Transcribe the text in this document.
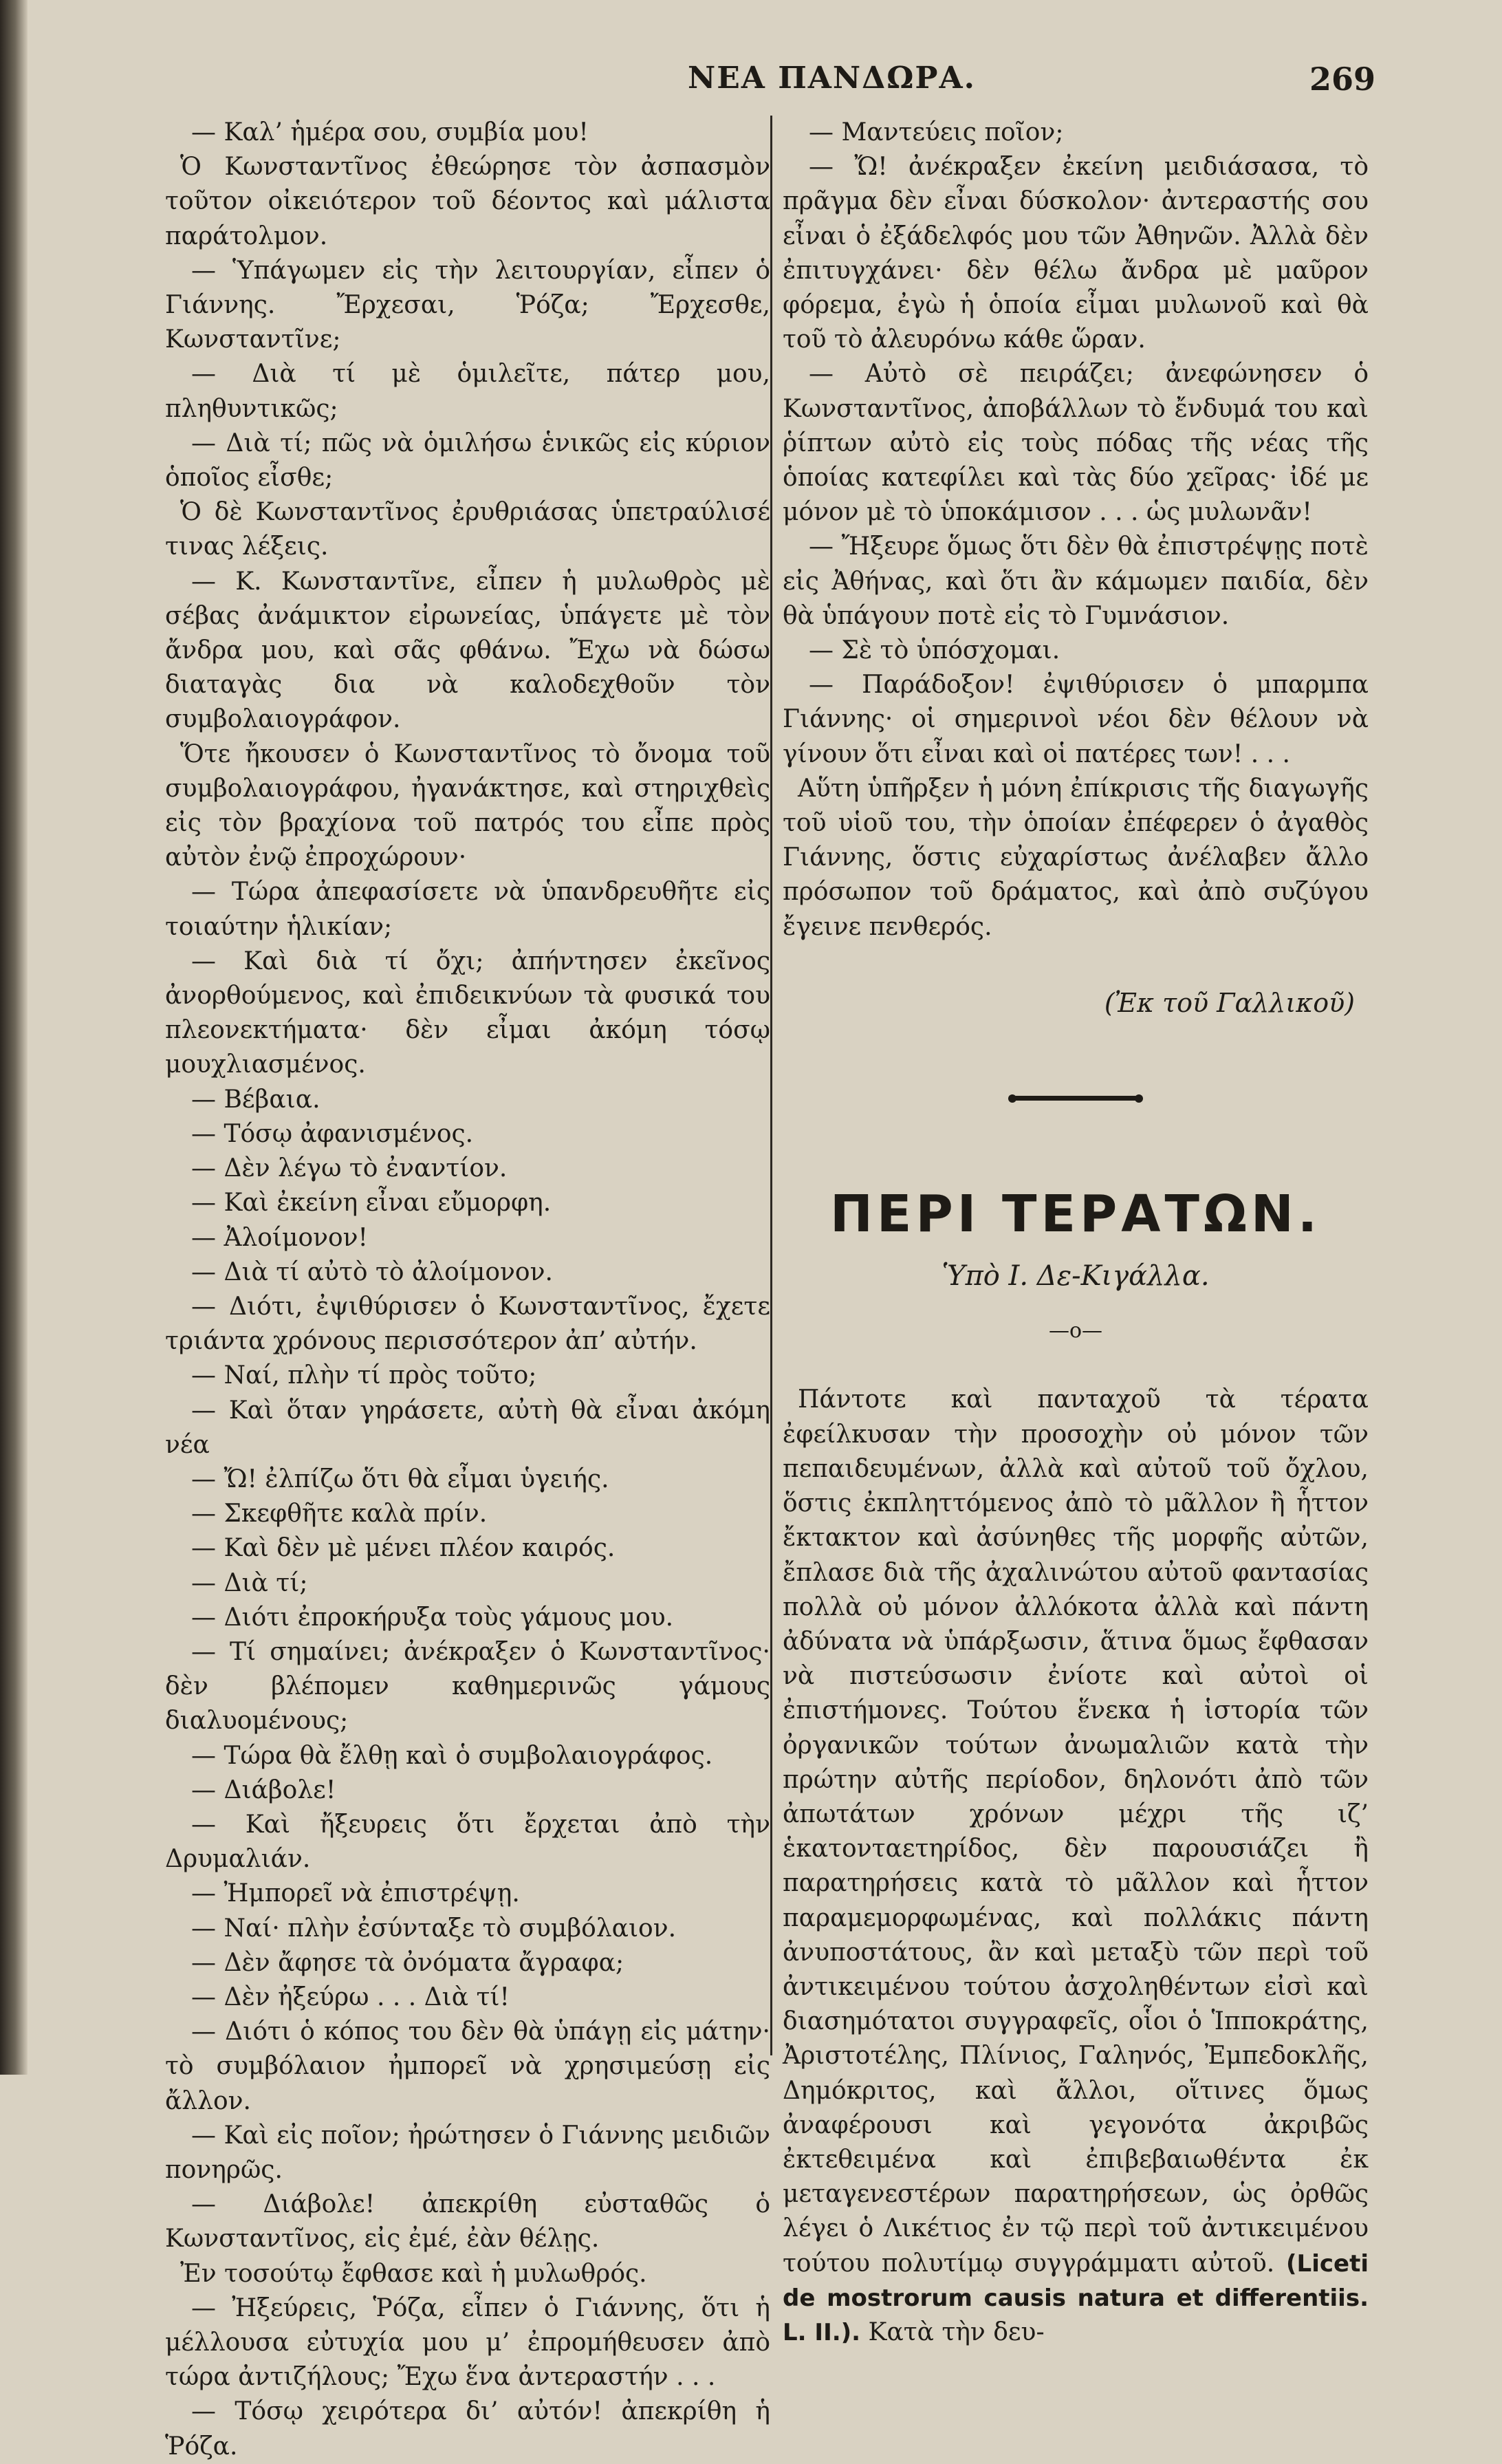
ΝΕΑ ΠΑΝΔΩΡΑ.	269

— Καλ’ ἡμέρα σου, συμβία μου!

Ὁ Κωνσταντῖνος ἐθεώρησε τὸν ἀσπασμὸν τοῦτον οἰκειότερον τοῦ δέοντος καὶ μάλιστα παράτολμον.

— Ὑπάγωμεν εἰς τὴν λειτουργίαν, εἶπεν ὁ Γιάννης. Ἔρχεσαι, Ῥόζα; Ἔρχεσθε, Κωνσταντῖνε;

— Διὰ τί μὲ ὁμιλεῖτε, πάτερ μου, πληθυντικῶς;

— Διὰ τί; πῶς νὰ ὁμιλήσω ἑνικῶς εἰς κύριον ὁποῖος εἶσθε;

Ὁ δὲ Κωνσταντῖνος ἐρυθριάσας ὑπετραύλισέ τινας λέξεις.

— Κ. Κωνσταντῖνε, εἶπεν ἡ μυλωθρὸς μὲ σέβας ἀνάμικτον εἰρωνείας, ὑπάγετε μὲ τὸν ἄνδρα μου, καὶ σᾶς φθάνω. Ἔχω νὰ δώσω διαταγὰς δια νὰ καλοδεχθοῦν τὸν συμβολαιογράφον.

Ὅτε ἤκουσεν ὁ Κωνσταντῖνος τὸ ὄνομα τοῦ συμβολαιογράφου, ἠγανάκτησε, καὶ στηριχθεὶς εἰς τὸν βραχίονα τοῦ πατρός του εἶπε πρὸς αὐτὸν ἐνῷ ἐπροχώρουν·

— Τώρα ἀπεφασίσετε νὰ ὑπανδρευθῆτε εἰς τοιαύτην ἡλικίαν;

— Καὶ διὰ τί ὄχι; ἀπήντησεν ἐκεῖνος ἀνορθούμενος, καὶ ἐπιδεικνύων τὰ φυσικά του πλεονεκτήματα· δὲν εἶμαι ἀκόμη τόσῳ μουχλιασμένος.

— Βέβαια.

— Τόσῳ ἀφανισμένος.

— Δὲν λέγω τὸ ἐναντίον.

— Καὶ ἐκείνη εἶναι εὔμορφη.

— Ἀλοίμονον!

— Διὰ τί αὐτὸ τὸ ἀλοίμονον.

— Διότι, ἐψιθύρισεν ὁ Κωνσταντῖνος, ἔχετε τριάντα χρόνους περισσότερον ἀπ’ αὐτήν.

— Ναί, πλὴν τί πρὸς τοῦτο;

— Καὶ ὅταν γηράσετε, αὐτὴ θὰ εἶναι ἀκόμη νέα

— Ὤ! ἐλπίζω ὅτι θὰ εἶμαι ὑγειής.

— Σκεφθῆτε καλὰ πρίν.

— Καὶ δὲν μὲ μένει πλέον καιρός.

— Διὰ τί;

— Διότι ἐπροκήρυξα τοὺς γάμους μου.

— Τί σημαίνει; ἀνέκραξεν ὁ Κωνσταντῖνος· δὲν βλέπομεν καθημερινῶς γάμους διαλυομένους;

— Τώρα θὰ ἔλθῃ καὶ ὁ συμβολαιογράφος.

— Διάβολε!

— Καὶ ἤξευρεις ὅτι ἔρχεται ἀπὸ τὴν Δρυμαλιάν.

— Ἠμπορεῖ νὰ ἐπιστρέψῃ.

— Ναί· πλὴν ἐσύνταξε τὸ συμβόλαιον.

— Δὲν ἄφησε τὰ ὀνόματα ἄγραφα;

— Δὲν ἠξεύρω . . . Διὰ τί!

— Διότι ὁ κόπος του δὲν θὰ ὑπάγῃ εἰς μάτην· τὸ συμβόλαιον ἠμπορεῖ νὰ χρησιμεύσῃ εἰς ἄλλον.

— Καὶ εἰς ποῖον; ἠρώτησεν ὁ Γιάννης μειδιῶν πονηρῶς.

— Διάβολε! ἀπεκρίθη εὐσταθῶς ὁ Κωνσταντῖνος, εἰς ἐμέ, ἐὰν θέλῃς.

Ἐν τοσούτῳ ἔφθασε καὶ ἡ μυλωθρός.

— Ἠξεύρεις, Ῥόζα, εἶπεν ὁ Γιάννης, ὅτι ἡ μέλλουσα εὐτυχία μου μ’ ἐπρομήθευσεν ἀπὸ τώρα ἀντιζήλους; Ἔχω ἕνα ἀντεραστήν . . .

— Τόσῳ χειρότερα δι’ αὐτόν! ἀπεκρίθη ἡ Ῥόζα.

— Μαντεύεις ποῖον;

— Ὤ! ἀνέκραξεν ἐκείνη μειδιάσασα, τὸ πρᾶγμα δὲν εἶναι δύσκολον· ἀντεραστής σου εἶναι ὁ ἐξάδελφός μου τῶν Ἀθηνῶν. Ἀλλὰ δὲν ἐπιτυγχάνει· δὲν θέλω ἄνδρα μὲ μαῦρον φόρεμα, ἐγὼ ἡ ὁποία εἶμαι μυλωνοῦ καὶ θὰ τοῦ τὸ ἀλευρόνω κάθε ὥραν.

— Αὐτὸ σὲ πειράζει; ἀνεφώνησεν ὁ Κωνσταντῖνος, ἀποβάλλων τὸ ἔνδυμά του καὶ ῥίπτων αὐτὸ εἰς τοὺς πόδας τῆς νέας τῆς ὁποίας κατεφίλει καὶ τὰς δύο χεῖρας· ἰδέ με μόνον μὲ τὸ ὑποκάμισον . . . ὡς μυλωνᾶν!

— Ἤξευρε ὅμως ὅτι δὲν θὰ ἐπιστρέψῃς ποτὲ εἰς Ἀθήνας, καὶ ὅτι ἂν κάμωμεν παιδία, δὲν θὰ ὑπάγουν ποτὲ εἰς τὸ Γυμνάσιον.

— Σὲ τὸ ὑπόσχομαι.

— Παράδοξον! ἐψιθύρισεν ὁ μπαρμπα Γιάννης· οἱ σημερινοὶ νέοι δὲν θέλουν νὰ γίνουν ὅτι εἶναι καὶ οἱ πατέρες των! . . .

Αὕτη ὑπῆρξεν ἡ μόνη ἐπίκρισις τῆς διαγωγῆς τοῦ υἱοῦ του, τὴν ὁποίαν ἐπέφερεν ὁ ἀγαθὸς Γιάννης, ὅστις εὐχαρίστως ἀνέλαβεν ἄλλο πρόσωπον τοῦ δράματος, καὶ ἀπὸ συζύγου ἔγεινε πενθερός.

(Ἐκ τοῦ Γαλλικοῦ)

ΠΕΡΙ ΤΕΡΑΤΩΝ.

Ὑπὸ Ι. Δε-Κιγάλλα.

—o—

Πάντοτε καὶ πανταχοῦ τὰ τέρατα ἐφείλκυσαν τὴν προσοχὴν οὐ μόνον τῶν πεπαιδευμένων, ἀλλὰ καὶ αὐτοῦ τοῦ ὄχλου, ὅστις ἐκπληττόμενος ἀπὸ τὸ μᾶλλον ἢ ἧττον ἔκτακτον καὶ ἀσύνηθες τῆς μορφῆς αὐτῶν, ἔπλασε διὰ τῆς ἀχαλινώτου αὐτοῦ φαντασίας πολλὰ οὐ μόνον ἀλλόκοτα ἀλλὰ καὶ πάντη ἀδύνατα νὰ ὑπάρξωσιν, ἅτινα ὅμως ἔφθασαν νὰ πιστεύσωσιν ἐνίοτε καὶ αὐτοὶ οἱ ἐπιστήμονες. Τούτου ἕνεκα ἡ ἱστορία τῶν ὀργανικῶν τούτων ἀνωμαλιῶν κατὰ τὴν πρώτην αὐτῆς περίοδον, δηλονότι ἀπὸ τῶν ἀπωτάτων χρόνων μέχρι τῆς ιζ’ ἑκατονταετηρίδος, δὲν παρουσιάζει ἢ παρατηρήσεις κατὰ τὸ μᾶλλον καὶ ἧττον παραμεμορφωμένας, καὶ πολλάκις πάντη ἀνυποστάτους, ἂν καὶ μεταξὺ τῶν περὶ τοῦ ἀντικειμένου τούτου ἀσχοληθέντων εἰσὶ καὶ διασημότατοι συγγραφεῖς, οἷοι ὁ Ἱπποκράτης, Ἀριστοτέλης, Πλίνιος, Γαληνός, Ἐμπεδοκλῆς, Δημόκριτος, καὶ ἄλλοι, οἵτινες ὅμως ἀναφέρουσι καὶ γεγονότα ἀκριβῶς ἐκτεθειμένα καὶ ἐπιβεβαιωθέντα ἐκ μεταγενεστέρων παρατηρήσεων, ὡς ὀρθῶς λέγει ὁ Λικέτιος ἐν τῷ περὶ τοῦ ἀντικειμένου τούτου πολυτίμῳ συγγράμματι αὐτοῦ. (Liceti de mostrorum causis natura et differentiis. L. II.). Κατὰ τὴν δευ-
